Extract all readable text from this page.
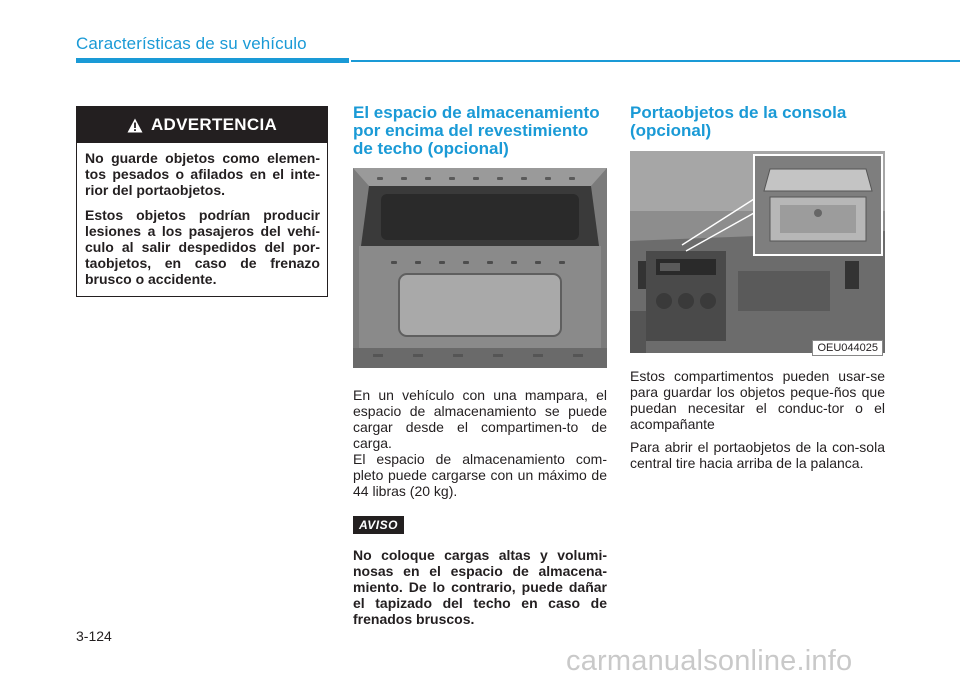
Características de su vehículo
ADVERTENCIA

No guarde objetos como elemen-tos pesados o afilados en el inte-rior del portaobjetos.

Estos objetos podrían producir lesiones a los pasajeros del vehí-culo al salir despedidos del por-taobjetos, en caso de frenazo brusco o accidente.

El espacio de almacenamiento por encima del revestimiento de techo (opcional)

En un vehículo con una mampara, el espacio de almacenamiento se puede cargar desde el compartimen-to de carga.

El espacio de almacenamiento com-pleto puede cargarse con un máximo de 44 libras (20 kg).

AVISO

No coloque cargas altas y volumi-nosas en el espacio de almacena-miento. De lo contrario, puede dañar el tapizado del techo en caso de frenados bruscos.

Portaobjetos de la consola (opcional)
OEU044025

Estos compartimentos pueden usar-se para guardar los objetos peque-ños que puedan necesitar el conduc-tor o el acompañante

Para abrir el portaobjetos de la con-sola central tire hacia arriba de la palanca.

3-124
carmanualsonline.info
